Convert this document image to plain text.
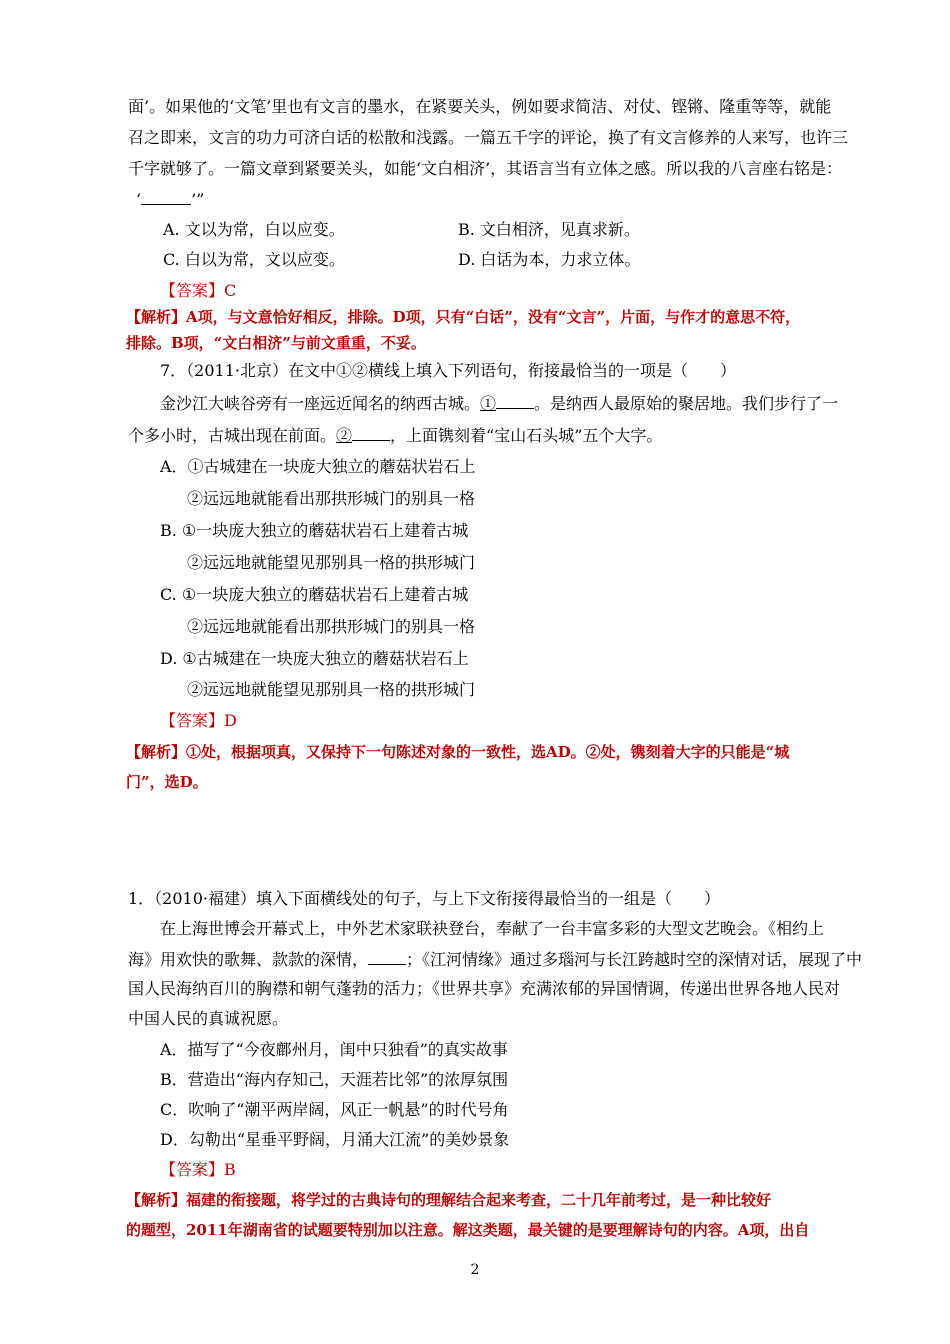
面’。如果他的‘文笔’里也有文言的墨水，在紧要关头，例如要求简洁、对仗、铿锵、隆重等等，就能
召之即来，文言的功力可济白话的松散和浅露。一篇五千字的评论，换了有文言修养的人来写，也许三
千字就够了。一篇文章到紧要关头，如能‘文白相济’，其语言当有立体之感。所以我的八言座右铭是：
‘	’”
A. 文以为常，白以应变。	B. 文白相济，见真求新。
C. 白以为常，文以应变。	D. 白话为本，力求立体。
【答案】C
【解析】A项，与文意恰好相反，排除。D项，只有“白话”，没有“文言”，片面，与作才的意思不符，
排除。B项，“文白相济”与前文重重，不妥。
7．（2011·北京）在文中①②横线上填入下列语句，衔接最恰当的一项是（　　）
金沙江大峡谷旁有一座远近闻名的纳西古城。① 。是纳西人最原始的聚居地。我们步行了一
个多小时，古城出现在前面。② ，上面镌刻着“宝山石头城”五个大字。
A．①古城建在一块庞大独立的蘑菇状岩石上
②远远地就能看出那拱形城门的别具一格
B. ①一块庞大独立的蘑菇状岩石上建着古城
②远远地就能望见那别具一格的拱形城门
C. ①一块庞大独立的蘑菇状岩石上建着古城
②远远地就能看出那拱形城门的别具一格
D. ①古城建在一块庞大独立的蘑菇状岩石上
②远远地就能望见那别具一格的拱形城门
【答案】D
【解析】①处，根据项真，又保持下一句陈述对象的一致性，选AD。②处，镌刻着大字的只能是“城
门”，选D。
1．（2010·福建）填入下面横线处的句子，与上下文衔接得最恰当的一组是（　　）
在上海世博会开幕式上，中外艺术家联袂登台，奉献了一台丰富多彩的大型文艺晚会。《相约上
海》用欢快的歌舞、款款的深情， ；《江河情缘》通过多瑙河与长江跨越时空的深情对话，展现了中
国人民海纳百川的胸襟和朝气蓬勃的活力；《世界共享》充满浓郁的异国情调，传递出世界各地人民对
中国人民的真诚祝愿。
A．描写了“今夜鄜州月，闺中只独看”的真实故事
B．营造出“海内存知己，天涯若比邻”的浓厚氛围
C．吹响了“潮平两岸阔，风正一帆悬”的时代号角
D．勾勒出“星垂平野阔，月涌大江流”的美妙景象
【答案】B
【解析】福建的衔接题，将学过的古典诗句的理解结合起来考查，二十几年前考过，是一种比较好
的题型，2011年湖南省的试题要特别加以注意。解这类题，最关键的是要理解诗句的内容。A项，出自
2
